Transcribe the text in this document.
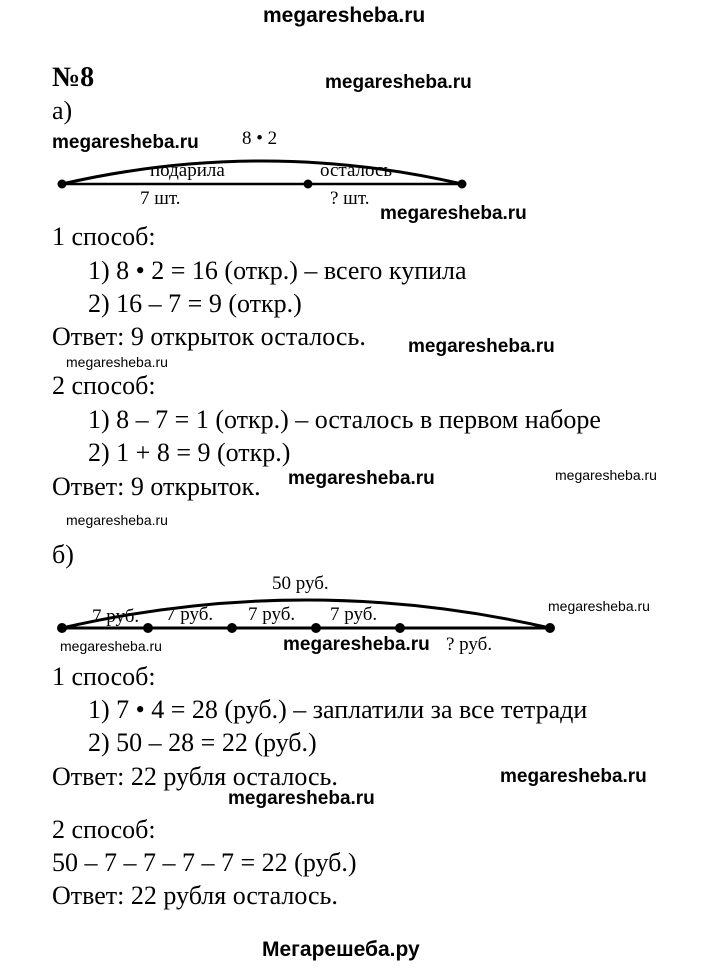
megaresheba.ru
№8	megaresheba.ru
а)
megaresheba.ru 8 • 2
подарила	осталось
7 шт.	? шт.
megaresheba.ru
1 способ:
1) 8 • 2 = 16 (откр.) – всего купила
2) 16 – 7 = 9 (откр.)
Ответ: 9 открыток осталось. megaresheba.ru
megaresheba.ru
2 способ:
1) 8 – 7 = 1 (откр.) – осталось в первом наборе
2) 1 + 8 = 9 (откр.)
Ответ: 9 открыток. megaresheba.ru	megaresheba.ru
megaresheba.ru
б)
50 руб.
7 руб. 7 руб. 7 руб. 7 руб.
? руб.
megaresheba.ru
megaresheba.ru	megaresheba.ru
1 способ:
1) 7 • 4 = 28 (руб.) – заплатили за все тетради
2) 50 – 28 = 22 (руб.)
Ответ: 22 рубля осталось.	megaresheba.ru
megaresheba.ru
2 способ:
50 – 7 – 7 – 7 – 7 = 22 (руб.)
Ответ: 22 рубля осталось.
Мегарешеба.ру
